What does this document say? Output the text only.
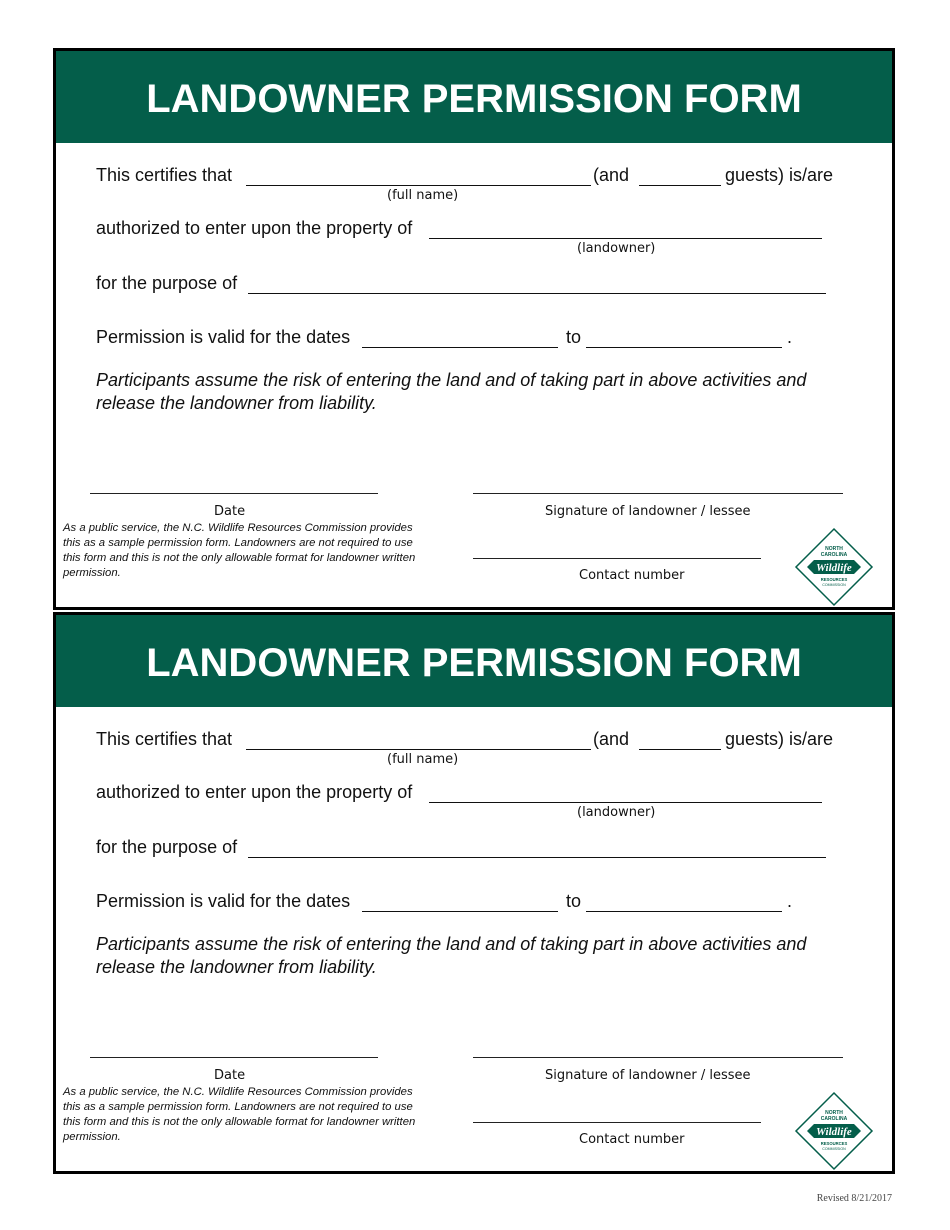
LANDOWNER PERMISSION FORM
This certifies that
(full name)
(and	guests) is/are
authorized to enter upon the property of
(landowner)
for the purpose of
Permission is valid for the dates	to	.
Participants assume the risk of entering the land and of taking part in above activities and release the landowner from liability.
Date	Signature of landowner / lessee
As a public service, the N.C. Wildlife Resources Commission provides this as a sample permission form. Landowners are not required to use this form and this is not the only allowable format for landowner written permission.	Contact number
NORTH
CAROLINA
Wildlife
RESOURCES
COMMISSION
LANDOWNER PERMISSION FORM
This certifies that
(full name)
(and	guests) is/are
authorized to enter upon the property of
(landowner)
for the purpose of
Permission is valid for the dates	to	.
Participants assume the risk of entering the land and of taking part in above activities and release the landowner from liability.
Date	Signature of landowner / lessee
As a public service, the N.C. Wildlife Resources Commission provides this as a sample permission form. Landowners are not required to use this form and this is not the only allowable format for landowner written permission.	Contact number
NORTH
CAROLINA
Wildlife
RESOURCES
COMMISSION
Revised 8/21/2017
